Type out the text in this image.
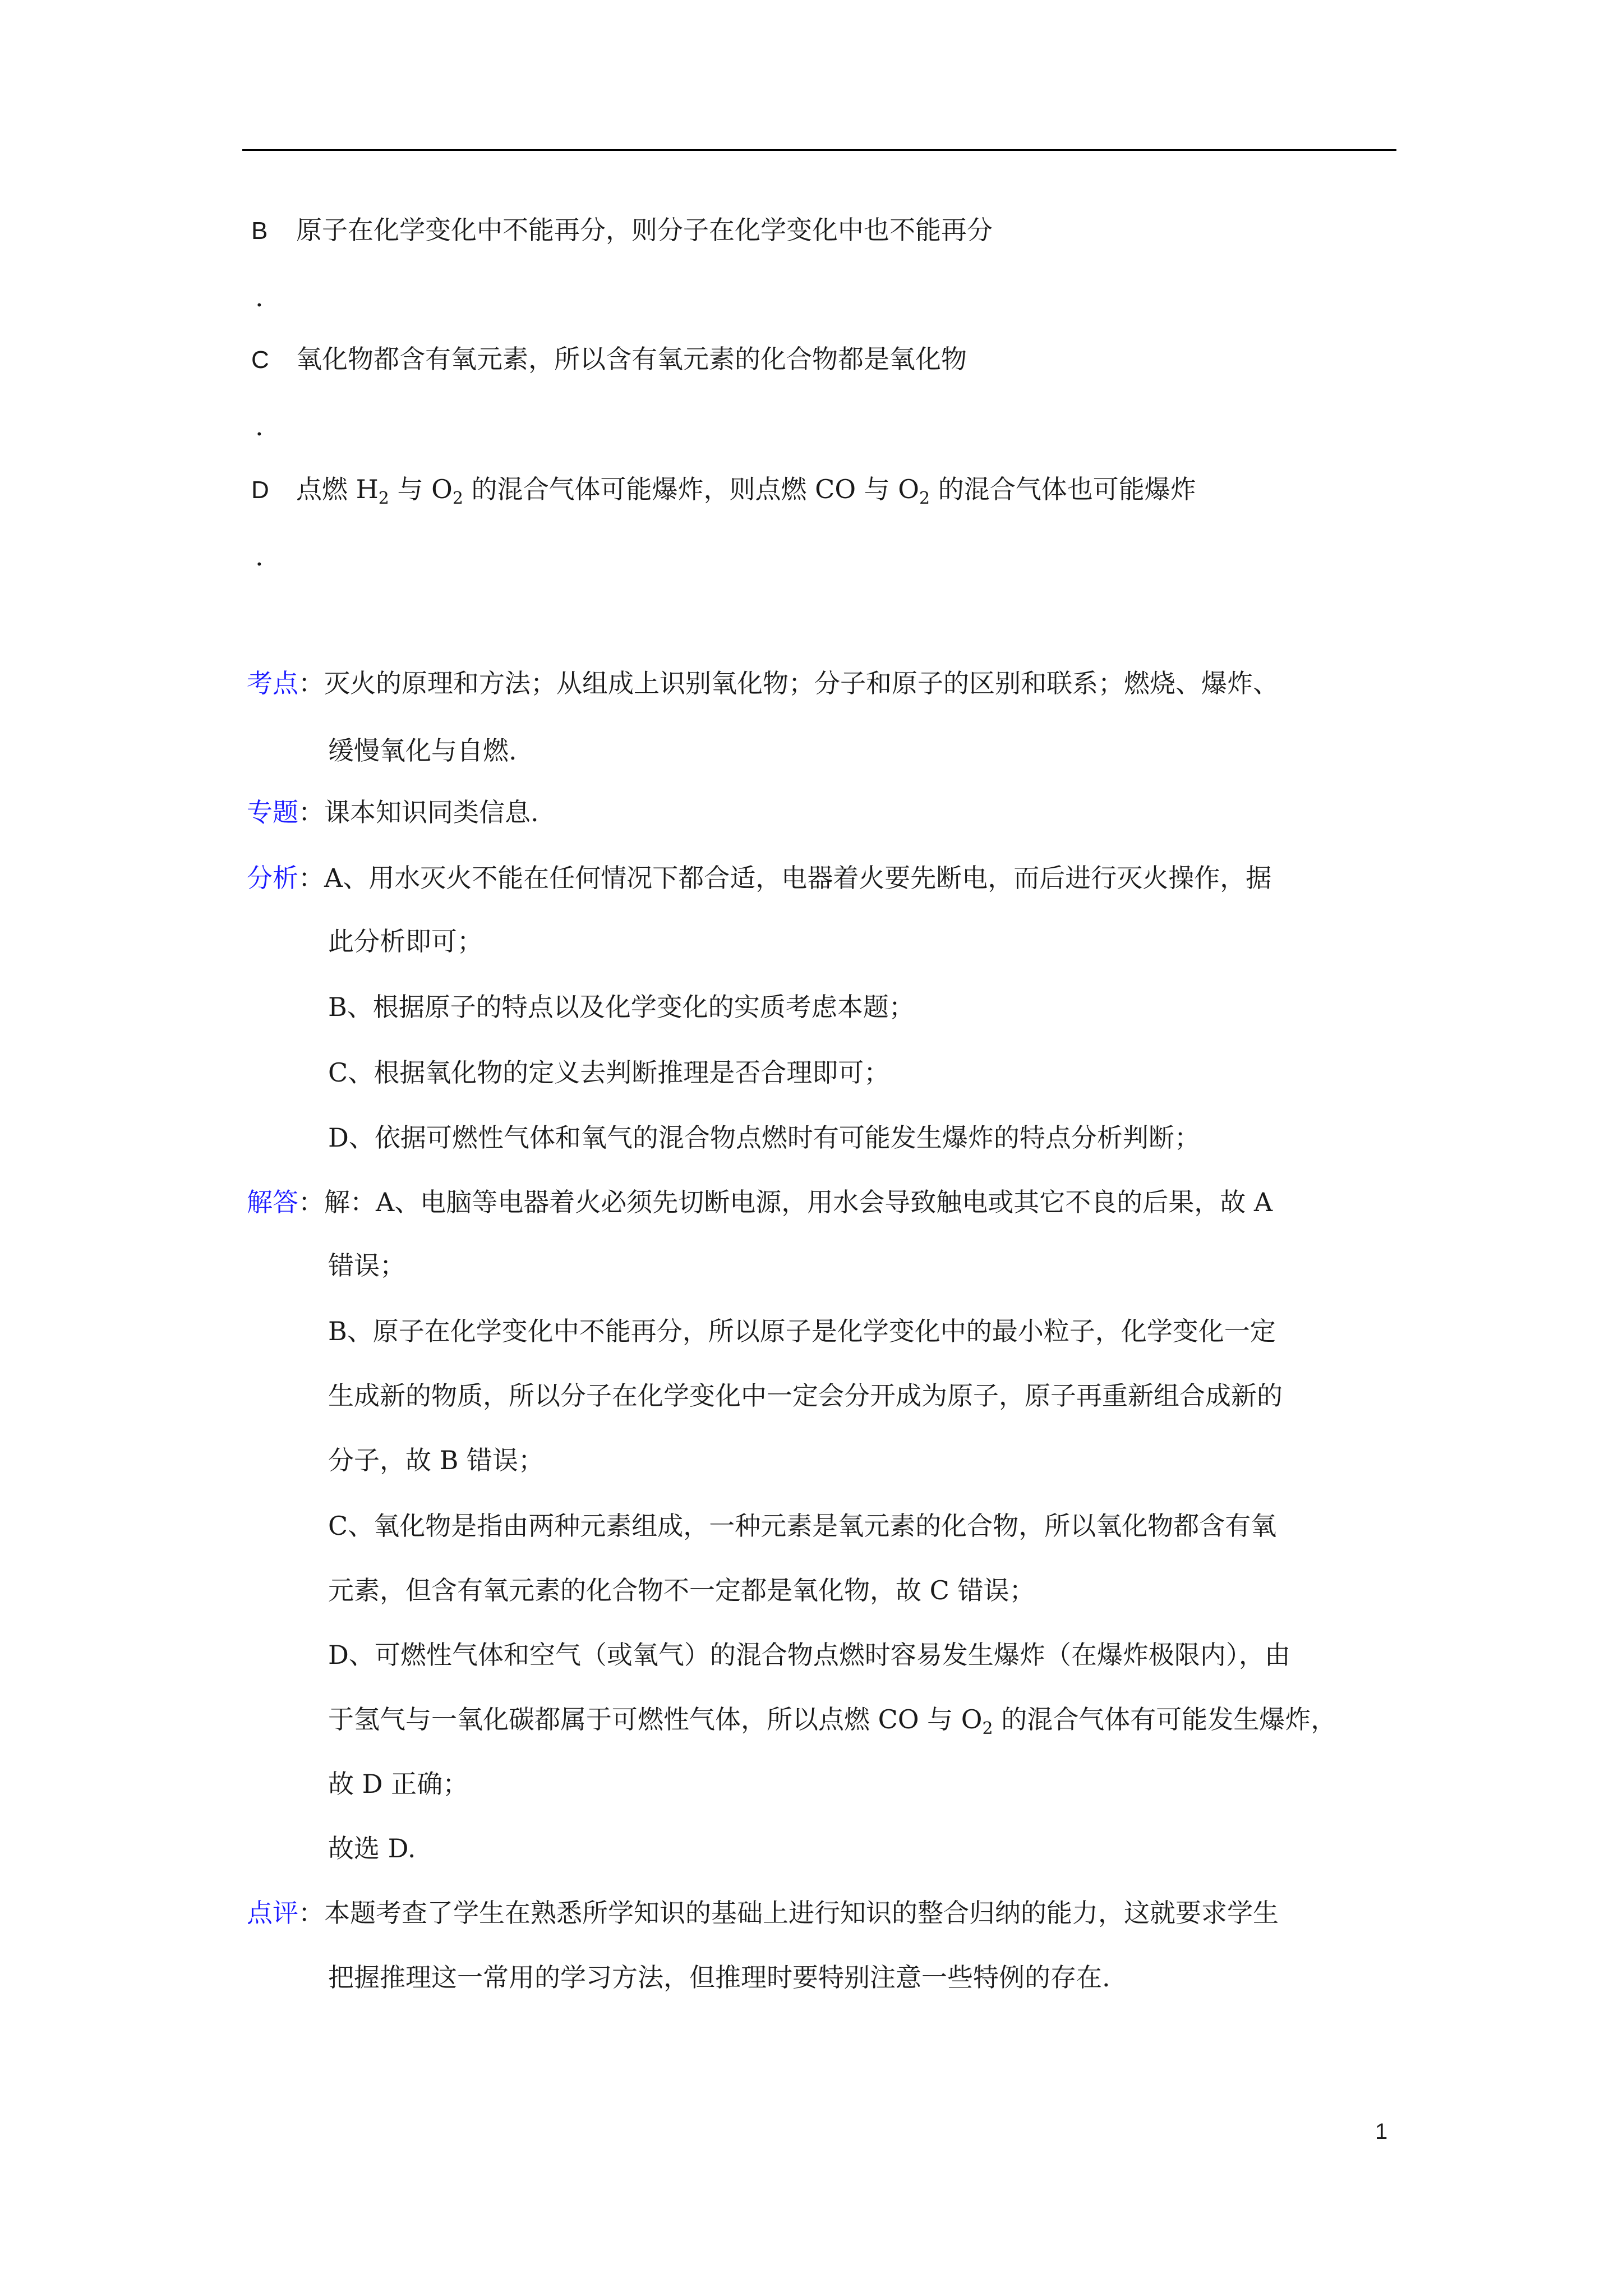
B 原子在化学变化中不能再分，则分子在化学变化中也不能再分
.
C 氧化物都含有氧元素，所以含有氧元素的化合物都是氧化物
.
D 点燃 $H_2$ 与 $O_2$ 的混合气体可能爆炸，则点燃 CO 与 $O_2$ 的混合气体也可能爆炸
.
考点：灭火的原理和方法；从组成上识别氧化物；分子和原子的区别和联系；燃烧、爆炸、
缓慢氧化与自燃.
专题：课本知识同类信息.
分析：A、用水灭火不能在任何情况下都合适，电器着火要先断电，而后进行灭火操作，据
此分析即可；
B、根据原子的特点以及化学变化的实质考虑本题；
C、根据氧化物的定义去判断推理是否合理即可；
D、依据可燃性气体和氧气的混合物点燃时有可能发生爆炸的特点分析判断；
解答：解：A、电脑等电器着火必须先切断电源，用水会导致触电或其它不良的后果，故 A
错误；
B、原子在化学变化中不能再分，所以原子是化学变化中的最小粒子，化学变化一定
生成新的物质，所以分子在化学变化中一定会分开成为原子，原子再重新组合成新的
分子，故 B 错误；
C、氧化物是指由两种元素组成，一种元素是氧元素的化合物，所以氧化物都含有氧
元素，但含有氧元素的化合物不一定都是氧化物，故 C 错误；
D、可燃性气体和空气（或氧气）的混合物点燃时容易发生爆炸（在爆炸极限内），由
于氢气与一氧化碳都属于可燃性气体，所以点燃 CO 与 $O_2$ 的混合气体有可能发生爆炸，
故 D 正确；
故选 D.
点评：本题考查了学生在熟悉所学知识的基础上进行知识的整合归纳的能力，这就要求学生
把握推理这一常用的学习方法，但推理时要特别注意一些特例的存在.
1
